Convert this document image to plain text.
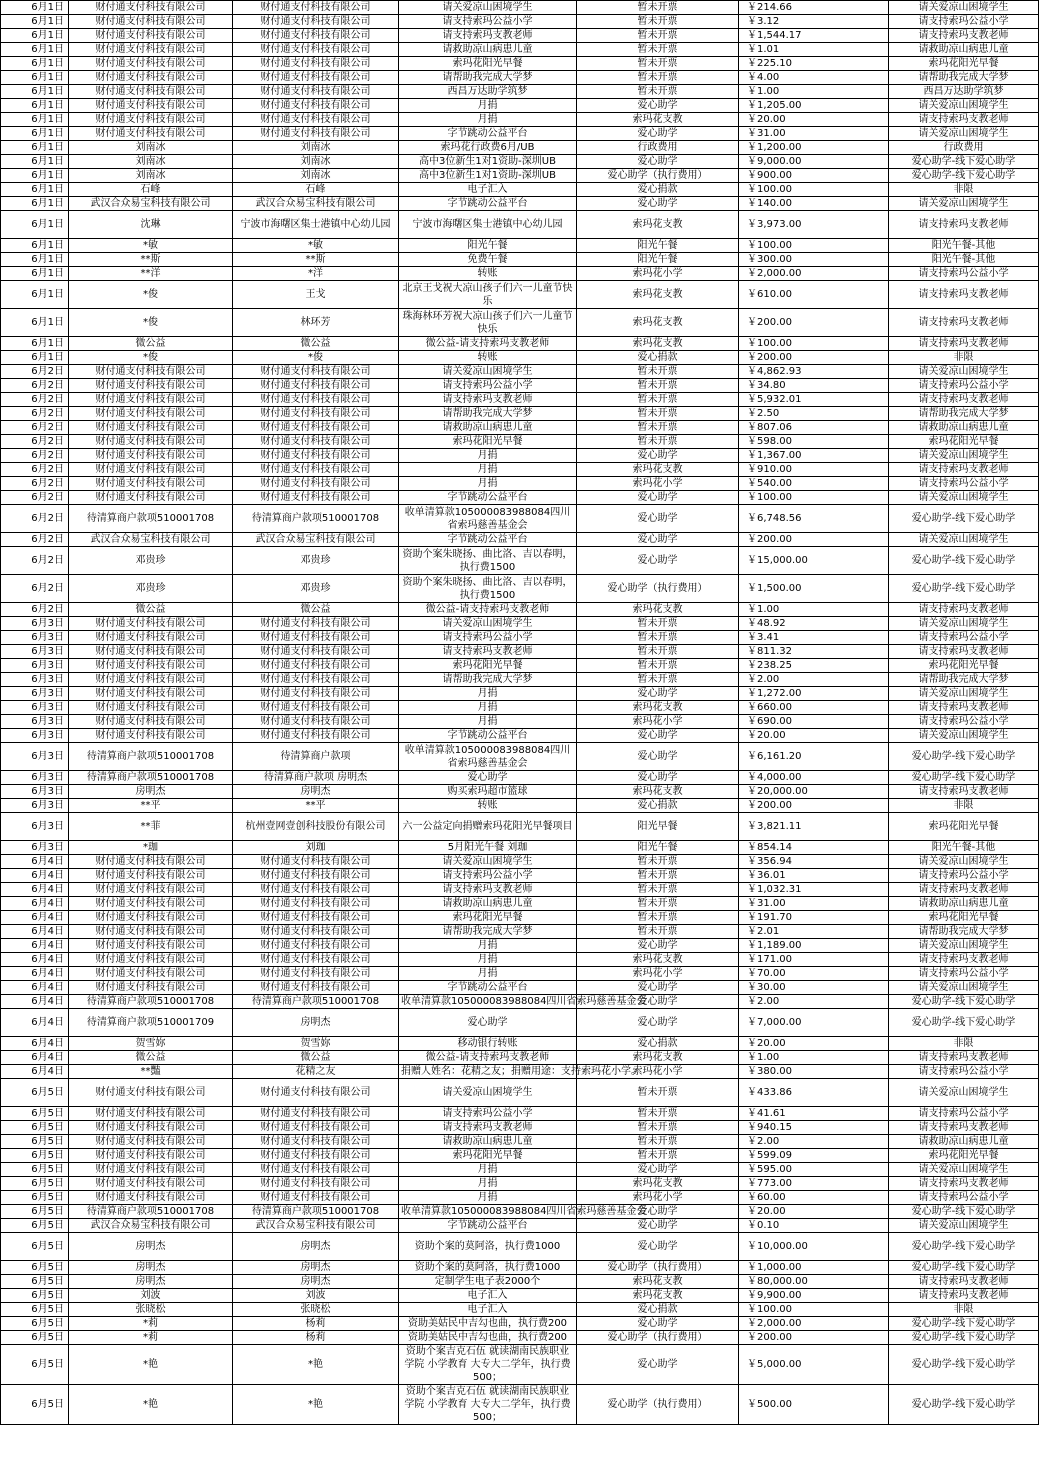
6月1日	财付通支付科技有限公司	财付通支付科技有限公司	请关爱凉山困境学生	暂未开票	￥214.66	请关爱凉山困境学生
6月1日	财付通支付科技有限公司	财付通支付科技有限公司	请支持索玛公益小学	暂未开票	￥3.12	请支持索玛公益小学
6月1日	财付通支付科技有限公司	财付通支付科技有限公司	请支持索玛支教老师	暂未开票	￥1,544.17	请支持索玛支教老师
6月1日	财付通支付科技有限公司	财付通支付科技有限公司	请救助凉山病患儿童	暂未开票	￥1.01	请救助凉山病患儿童
6月1日	财付通支付科技有限公司	财付通支付科技有限公司	索玛花阳光早餐	暂未开票	￥225.10	索玛花阳光早餐
6月1日	财付通支付科技有限公司	财付通支付科技有限公司	请帮助我完成大学梦	暂未开票	￥4.00	请帮助我完成大学梦
6月1日	财付通支付科技有限公司	财付通支付科技有限公司	西昌万达助学筑梦	暂未开票	￥1.00	西昌万达助学筑梦
6月1日	财付通支付科技有限公司	财付通支付科技有限公司	月捐	爱心助学	￥1,205.00	请关爱凉山困境学生
6月1日	财付通支付科技有限公司	财付通支付科技有限公司	月捐	索玛花支教	￥20.00	请支持索玛支教老师
6月1日	财付通支付科技有限公司	财付通支付科技有限公司	字节跳动公益平台	爱心助学	￥31.00	请关爱凉山困境学生
6月1日	刘南冰	刘南冰	索玛花行政费6月/UB	行政费用	￥1,200.00	行政费用
6月1日	刘南冰	刘南冰	高中3位新生1对1资助-深圳UB	爱心助学	￥9,000.00	爱心助学-线下爱心助学
6月1日	刘南冰	刘南冰	高中3位新生1对1资助-深圳UB	爱心助学（执行费用）	￥900.00	爱心助学-线下爱心助学
6月1日	石峰	石峰	电子汇入	爱心捐款	￥100.00	非限
6月1日	武汉合众易宝科技有限公司	武汉合众易宝科技有限公司	字节跳动公益平台	爱心助学	￥140.00	请关爱凉山困境学生
6月1日	沈琳	宁波市海曙区集士港镇中心幼儿园	宁波市海曙区集士港镇中心幼儿园	索玛花支教	￥3,973.00	请支持索玛支教老师
6月1日	*敏	*敏	阳光午餐	阳光午餐	￥100.00	阳光午餐-其他
6月1日	**斯	**斯	免费午餐	阳光午餐	￥300.00	阳光午餐-其他
6月1日	**洋	*洋	转账	索玛花小学	￥2,000.00	请支持索玛公益小学
6月1日	*俊	王戈	北京王戈祝大凉山孩子们六一儿童节快乐	索玛花支教	￥610.00	请支持索玛支教老师
6月1日	*俊	林环芳	珠海林环芳祝大凉山孩子们六一儿童节快乐	索玛花支教	￥200.00	请支持索玛支教老师
6月1日	微公益	微公益	微公益-请支持索玛支教老师	索玛花支教	￥100.00	请支持索玛支教老师
6月1日	*俊	*俊	转账	爱心捐款	￥200.00	非限
6月2日	财付通支付科技有限公司	财付通支付科技有限公司	请关爱凉山困境学生	暂未开票	￥4,862.93	请关爱凉山困境学生
6月2日	财付通支付科技有限公司	财付通支付科技有限公司	请支持索玛公益小学	暂未开票	￥34.80	请支持索玛公益小学
6月2日	财付通支付科技有限公司	财付通支付科技有限公司	请支持索玛支教老师	暂未开票	￥5,932.01	请支持索玛支教老师
6月2日	财付通支付科技有限公司	财付通支付科技有限公司	请帮助我完成大学梦	暂未开票	￥2.50	请帮助我完成大学梦
6月2日	财付通支付科技有限公司	财付通支付科技有限公司	请救助凉山病患儿童	暂未开票	￥807.06	请救助凉山病患儿童
6月2日	财付通支付科技有限公司	财付通支付科技有限公司	索玛花阳光早餐	暂未开票	￥598.00	索玛花阳光早餐
6月2日	财付通支付科技有限公司	财付通支付科技有限公司	月捐	爱心助学	￥1,367.00	请关爱凉山困境学生
6月2日	财付通支付科技有限公司	财付通支付科技有限公司	月捐	索玛花支教	￥910.00	请支持索玛支教老师
6月2日	财付通支付科技有限公司	财付通支付科技有限公司	月捐	索玛花小学	￥540.00	请支持索玛公益小学
6月2日	财付通支付科技有限公司	财付通支付科技有限公司	字节跳动公益平台	爱心助学	￥100.00	请关爱凉山困境学生
6月2日	待清算商户款项510001708	待清算商户款项510001708	收单清算款105000083988084四川省索玛慈善基金会	爱心助学	￥6,748.56	爱心助学-线下爱心助学
6月2日	武汉合众易宝科技有限公司	武汉合众易宝科技有限公司	字节跳动公益平台	爱心助学	￥200.00	请关爱凉山困境学生
6月2日	邓贵珍	邓贵珍	资助个案朱晓扬、曲比洛、吉以春明，执行费1500	爱心助学	￥15,000.00	爱心助学-线下爱心助学
6月2日	邓贵珍	邓贵珍	资助个案朱晓扬、曲比洛、吉以春明，执行费1500	爱心助学（执行费用）	￥1,500.00	爱心助学-线下爱心助学
6月2日	微公益	微公益	微公益-请支持索玛支教老师	索玛花支教	￥1.00	请支持索玛支教老师
6月3日	财付通支付科技有限公司	财付通支付科技有限公司	请关爱凉山困境学生	暂未开票	￥48.92	请关爱凉山困境学生
6月3日	财付通支付科技有限公司	财付通支付科技有限公司	请支持索玛公益小学	暂未开票	￥3.41	请支持索玛公益小学
6月3日	财付通支付科技有限公司	财付通支付科技有限公司	请支持索玛支教老师	暂未开票	￥811.32	请支持索玛支教老师
6月3日	财付通支付科技有限公司	财付通支付科技有限公司	索玛花阳光早餐	暂未开票	￥238.25	索玛花阳光早餐
6月3日	财付通支付科技有限公司	财付通支付科技有限公司	请帮助我完成大学梦	暂未开票	￥2.00	请帮助我完成大学梦
6月3日	财付通支付科技有限公司	财付通支付科技有限公司	月捐	爱心助学	￥1,272.00	请关爱凉山困境学生
6月3日	财付通支付科技有限公司	财付通支付科技有限公司	月捐	索玛花支教	￥660.00	请支持索玛支教老师
6月3日	财付通支付科技有限公司	财付通支付科技有限公司	月捐	索玛花小学	￥690.00	请支持索玛公益小学
6月3日	财付通支付科技有限公司	财付通支付科技有限公司	字节跳动公益平台	爱心助学	￥20.00	请关爱凉山困境学生
6月3日	待清算商户款项510001708	待清算商户款项	收单清算款105000083988084四川省索玛慈善基金会	爱心助学	￥6,161.20	爱心助学-线下爱心助学
6月3日	待清算商户款项510001708	待清算商户款项 房明杰	爱心助学	爱心助学	￥4,000.00	爱心助学-线下爱心助学
6月3日	房明杰	房明杰	购买索玛超市篮球	索玛花支教	￥20,000.00	请支持索玛支教老师
6月3日	**平	**平	转账	爱心捐款	￥200.00	非限
6月3日	**菲	杭州壹网壹创科技股份有限公司	六一公益定向捐赠索玛花阳光早餐项目	阳光早餐	￥3,821.11	索玛花阳光早餐
6月3日	*珈	刘珈	5月阳光午餐 刘珈	阳光午餐	￥854.14	阳光午餐-其他
6月4日	财付通支付科技有限公司	财付通支付科技有限公司	请关爱凉山困境学生	暂未开票	￥356.94	请关爱凉山困境学生
6月4日	财付通支付科技有限公司	财付通支付科技有限公司	请支持索玛公益小学	暂未开票	￥36.01	请支持索玛公益小学
6月4日	财付通支付科技有限公司	财付通支付科技有限公司	请支持索玛支教老师	暂未开票	￥1,032.31	请支持索玛支教老师
6月4日	财付通支付科技有限公司	财付通支付科技有限公司	请救助凉山病患儿童	暂未开票	￥31.00	请救助凉山病患儿童
6月4日	财付通支付科技有限公司	财付通支付科技有限公司	索玛花阳光早餐	暂未开票	￥191.70	索玛花阳光早餐
6月4日	财付通支付科技有限公司	财付通支付科技有限公司	请帮助我完成大学梦	暂未开票	￥2.01	请帮助我完成大学梦
6月4日	财付通支付科技有限公司	财付通支付科技有限公司	月捐	爱心助学	￥1,189.00	请关爱凉山困境学生
6月4日	财付通支付科技有限公司	财付通支付科技有限公司	月捐	索玛花支教	￥171.00	请支持索玛支教老师
6月4日	财付通支付科技有限公司	财付通支付科技有限公司	月捐	索玛花小学	￥70.00	请支持索玛公益小学
6月4日	财付通支付科技有限公司	财付通支付科技有限公司	字节跳动公益平台	爱心助学	￥30.00	请关爱凉山困境学生
6月4日	待清算商户款项510001708	待清算商户款项510001708	收单清算款105000083988084四川省索玛慈善基金会	爱心助学	￥2.00	爱心助学-线下爱心助学
6月4日	待清算商户款项510001709	房明杰	爱心助学	爱心助学	￥7,000.00	爱心助学-线下爱心助学
6月4日	贺雪妳	贺雪妳	移动银行转账	爱心捐款	￥20.00	非限
6月4日	微公益	微公益	微公益-请支持索玛支教老师	索玛花支教	￥1.00	请支持索玛支教老师
6月4日	**豔	花精之友	捐赠人姓名：花精之友；捐赠用途：支持索玛花小学。	索玛花小学	￥380.00	请支持索玛公益小学
6月5日	财付通支付科技有限公司	财付通支付科技有限公司	请关爱凉山困境学生	暂未开票	￥433.86	请关爱凉山困境学生
6月5日	财付通支付科技有限公司	财付通支付科技有限公司	请支持索玛公益小学	暂未开票	￥41.61	请支持索玛公益小学
6月5日	财付通支付科技有限公司	财付通支付科技有限公司	请支持索玛支教老师	暂未开票	￥940.15	请支持索玛支教老师
6月5日	财付通支付科技有限公司	财付通支付科技有限公司	请救助凉山病患儿童	暂未开票	￥2.00	请救助凉山病患儿童
6月5日	财付通支付科技有限公司	财付通支付科技有限公司	索玛花阳光早餐	暂未开票	￥599.09	索玛花阳光早餐
6月5日	财付通支付科技有限公司	财付通支付科技有限公司	月捐	爱心助学	￥595.00	请关爱凉山困境学生
6月5日	财付通支付科技有限公司	财付通支付科技有限公司	月捐	索玛花支教	￥773.00	请支持索玛支教老师
6月5日	财付通支付科技有限公司	财付通支付科技有限公司	月捐	索玛花小学	￥60.00	请支持索玛公益小学
6月5日	待清算商户款项510001708	待清算商户款项510001708	收单清算款105000083988084四川省索玛慈善基金会	爱心助学	￥20.00	爱心助学-线下爱心助学
6月5日	武汉合众易宝科技有限公司	武汉合众易宝科技有限公司	字节跳动公益平台	爱心助学	￥0.10	请关爱凉山困境学生
6月5日	房明杰	房明杰	资助个案的莫阿洛，执行费1000	爱心助学	￥10,000.00	爱心助学-线下爱心助学
6月5日	房明杰	房明杰	资助个案的莫阿洛，执行费1000	爱心助学（执行费用）	￥1,000.00	爱心助学-线下爱心助学
6月5日	房明杰	房明杰	定制学生电子表2000个	索玛花支教	￥80,000.00	请支持索玛支教老师
6月5日	刘波	刘波	电子汇入	索玛花支教	￥9,900.00	请支持索玛支教老师
6月5日	张晓松	张晓松	电子汇入	爱心捐款	￥100.00	非限
6月5日	*莉	杨莉	资助美姑民中吉勾也曲，执行费200	爱心助学	￥2,000.00	爱心助学-线下爱心助学
6月5日	*莉	杨莉	资助美姑民中吉勾也曲，执行费200	爱心助学（执行费用）	￥200.00	爱心助学-线下爱心助学
6月5日	*艳	*艳	资助个案吉克石伍 就读湖南民族职业学院 小学教育 大专大二学年，执行费500；	爱心助学	￥5,000.00	爱心助学-线下爱心助学
6月5日	*艳	*艳	资助个案吉克石伍 就读湖南民族职业学院 小学教育 大专大二学年，执行费500；	爱心助学（执行费用）	￥500.00	爱心助学-线下爱心助学
